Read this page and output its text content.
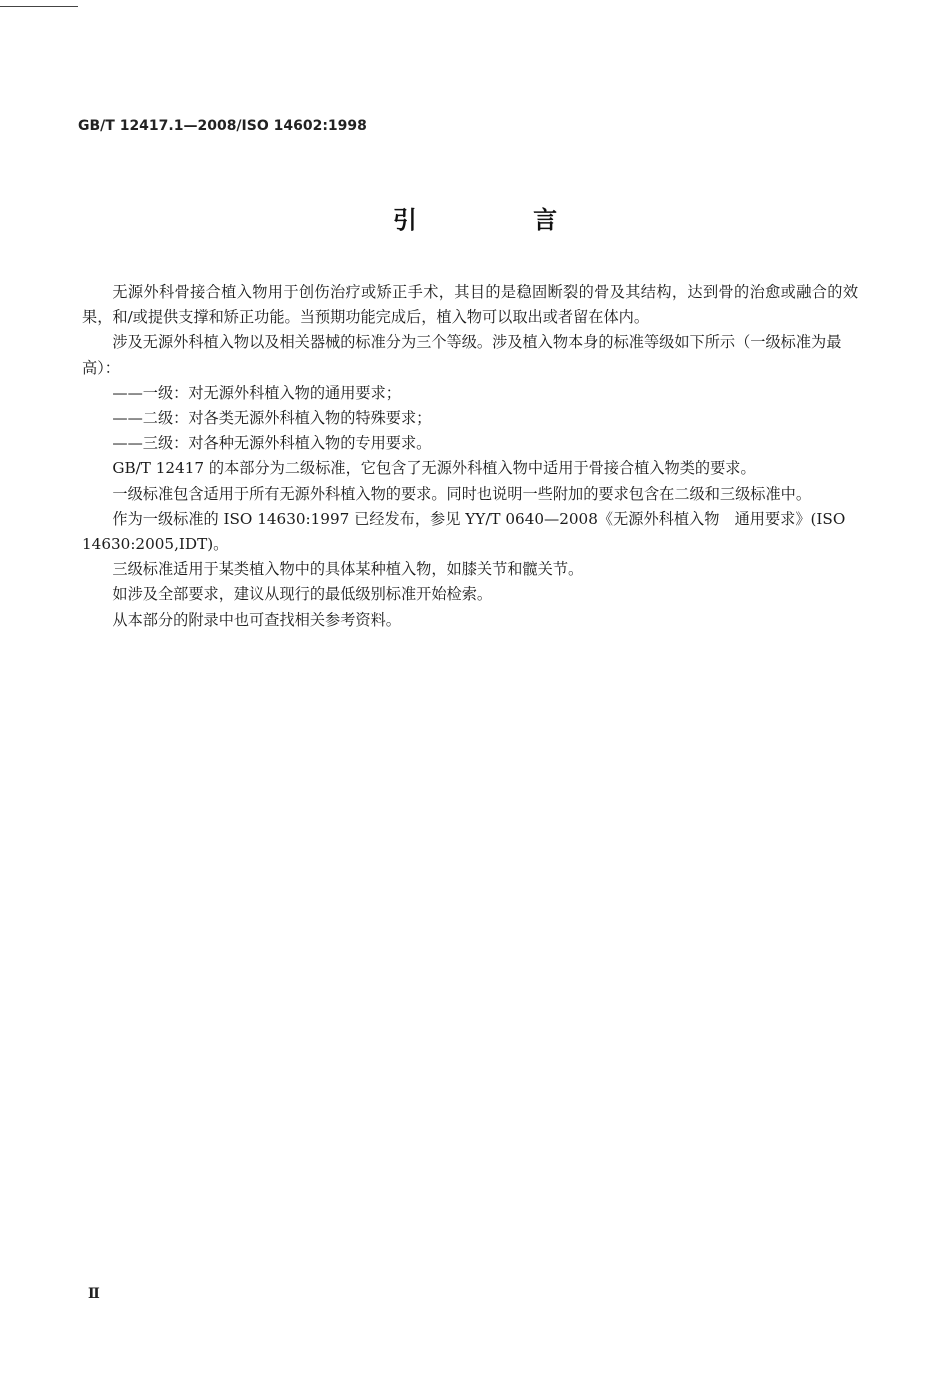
GB/T 12417.1—2008/ISO 14602:1998
引 言

无源外科骨接合植入物用于创伤治疗或矫正手术，其目的是稳固断裂的骨及其结构，达到骨的治愈或融合的效果，和/或提供支撑和矫正功能。当预期功能完成后，植入物可以取出或者留在体内。

涉及无源外科植入物以及相关器械的标准分为三个等级。涉及植入物本身的标准等级如下所示（一级标准为最高）：

——一级：对无源外科植入物的通用要求；

——二级：对各类无源外科植入物的特殊要求；

——三级：对各种无源外科植入物的专用要求。

GB/T 12417 的本部分为二级标准，它包含了无源外科植入物中适用于骨接合植入物类的要求。

一级标准包含适用于所有无源外科植入物的要求。同时也说明一些附加的要求包含在二级和三级标准中。

作为一级标准的 ISO 14630:1997 已经发布，参见 YY/T 0640—2008《无源外科植入物　通用要求》(ISO 14630:2005,IDT)。

三级标准适用于某类植入物中的具体某种植入物，如膝关节和髋关节。

如涉及全部要求，建议从现行的最低级别标准开始检索。

从本部分的附录中也可查找相关参考资料。

Ⅱ
